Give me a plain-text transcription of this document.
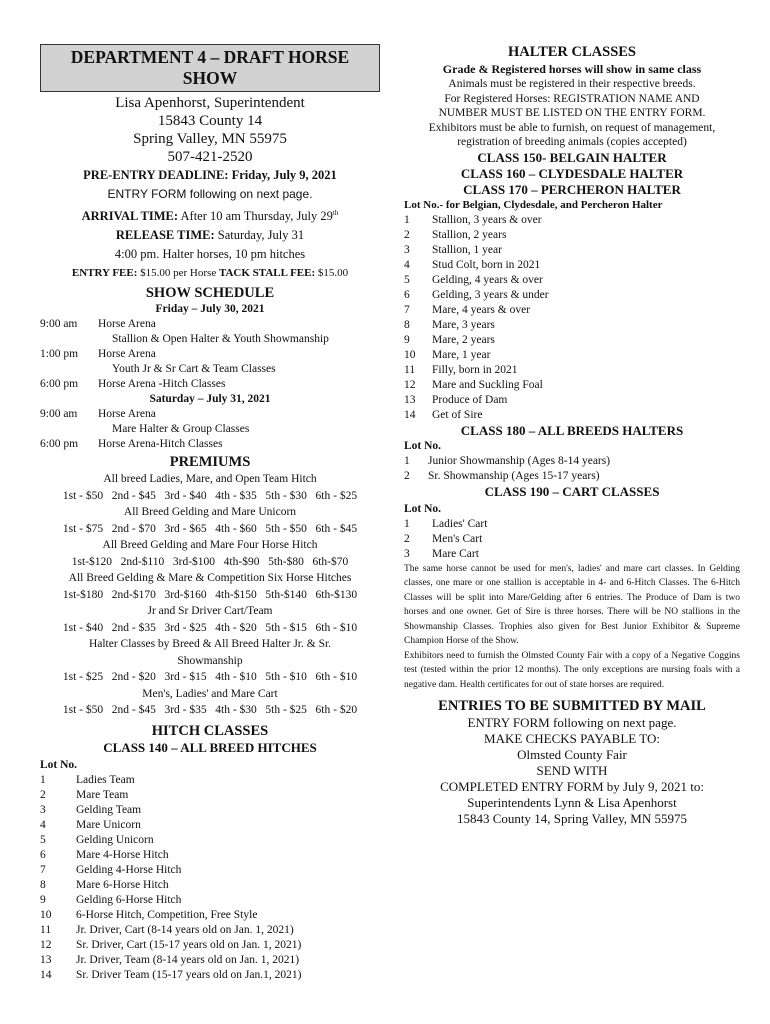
DEPARTMENT 4 – DRAFT HORSE SHOW
Lisa Apenhorst, Superintendent
15843 County 14
Spring Valley, MN 55975
507-421-2520
PRE-ENTRY DEADLINE: Friday, July 9, 2021
ENTRY FORM following on next page.
ARRIVAL TIME: After 10 am Thursday, July 29th
RELEASE TIME: Saturday, July 31
4:00 pm. Halter horses, 10 pm hitches
ENTRY FEE: $15.00 per Horse TACK STALL FEE: $15.00
SHOW SCHEDULE
Friday – July 30, 2021
9:00 am	Horse Arena
Stallion & Open Halter & Youth Showmanship
1:00 pm	Horse Arena
Youth Jr & Sr Cart & Team Classes
6:00 pm	Horse Arena -Hitch Classes
Saturday – July 31, 2021
9:00 am	Horse Arena
Mare Halter & Group Classes
6:00 pm	Horse Arena-Hitch Classes
PREMIUMS
All breed Ladies, Mare, and Open Team Hitch
1st - $50   2nd - $45   3rd - $40   4th - $35   5th - $30   6th - $25
All Breed Gelding and Mare Unicorn
1st - $75   2nd - $70   3rd - $65   4th - $60   5th - $50   6th - $45
All Breed Gelding and Mare Four Horse Hitch
1st-$120   2nd-$110   3rd-$100   4th-$90   5th-$80   6th-$70
All Breed Gelding & Mare & Competition Six Horse Hitches
1st-$180   2nd-$170   3rd-$160   4th-$150   5th-$140   6th-$130
Jr and Sr Driver Cart/Team
1st - $40   2nd - $35   3rd - $25   4th - $20   5th - $15   6th - $10
Halter Classes by Breed & All Breed Halter Jr. & Sr.
Showmanship
1st - $25   2nd - $20   3rd - $15   4th - $10   5th - $10   6th - $10
Men's, Ladies' and Mare Cart
1st - $50   2nd - $45   3rd - $35   4th - $30   5th - $25   6th - $20
HITCH CLASSES
CLASS 140 – ALL BREED HITCHES
Lot No.
1	Ladies Team
2	Mare Team
3	Gelding Team
4	Mare Unicorn
5	Gelding Unicorn
6	Mare 4-Horse Hitch
7	Gelding 4-Horse Hitch
8	Mare 6-Horse Hitch
9	Gelding 6-Horse Hitch
10	6-Horse Hitch, Competition, Free Style
11	Jr. Driver, Cart (8-14 years old on Jan. 1, 2021)
12	Sr. Driver, Cart (15-17 years old on Jan. 1, 2021)
13	Jr. Driver, Team (8-14 years old on Jan. 1, 2021)
14	Sr. Driver Team (15-17 years old on Jan.1, 2021)
HALTER CLASSES
Grade & Registered horses will show in same class
Animals must be registered in their respective breeds.
For Registered Horses: REGISTRATION NAME AND
NUMBER MUST BE LISTED ON THE ENTRY FORM.
Exhibitors must be able to furnish, on request of management,
registration of breeding animals (copies accepted)
CLASS 150- BELGAIN HALTER
CLASS 160 – CLYDESDALE HALTER
CLASS 170 – PERCHERON HALTER
Lot No.- for Belgian, Clydesdale, and Percheron Halter
1	Stallion, 3 years & over
2	Stallion, 2 years
3	Stallion, 1 year
4	Stud Colt, born in 2021
5	Gelding, 4 years & over
6	Gelding, 3 years & under
7	Mare, 4 years & over
8	Mare, 3 years
9	Mare, 2 years
10	Mare, 1 year
11	Filly, born in 2021
12	Mare and Suckling Foal
13	Produce of Dam
14	Get of Sire
CLASS 180 – ALL BREEDS HALTERS
Lot No.
1	Junior Showmanship (Ages 8-14 years)
2	Sr. Showmanship (Ages 15-17 years)
CLASS 190 – CART CLASSES
Lot No.
1	Ladies' Cart
2	Men's Cart
3	Mare Cart
The same horse cannot be used for men's, ladies' and mare cart classes. In Gelding classes, one mare or one stallion is acceptable in 4- and 6-Hitch Classes. The 6-Hitch Classes will be split into Mare/Gelding after 6 entries. The Produce of Dam is two horses and one owner. Get of Sire is three horses. There will be NO stallions in the Showmanship Classes. Trophies also given for Best Junior Exhibitor & Supreme Champion Horse of the Show.
Exhibitors need to furnish the Olmsted County Fair with a copy of a Negative Coggins test (tested within the prior 12 months). The only exceptions are nursing foals with a negative dam. Health certificates for out of state horses are required.
ENTRIES TO BE SUBMITTED BY MAIL
ENTRY FORM following on next page.
MAKE CHECKS PAYABLE TO:
Olmsted County Fair
SEND WITH
COMPLETED ENTRY FORM by July 9, 2021 to:
Superintendents Lynn & Lisa Apenhorst
15843 County 14, Spring Valley, MN 55975
